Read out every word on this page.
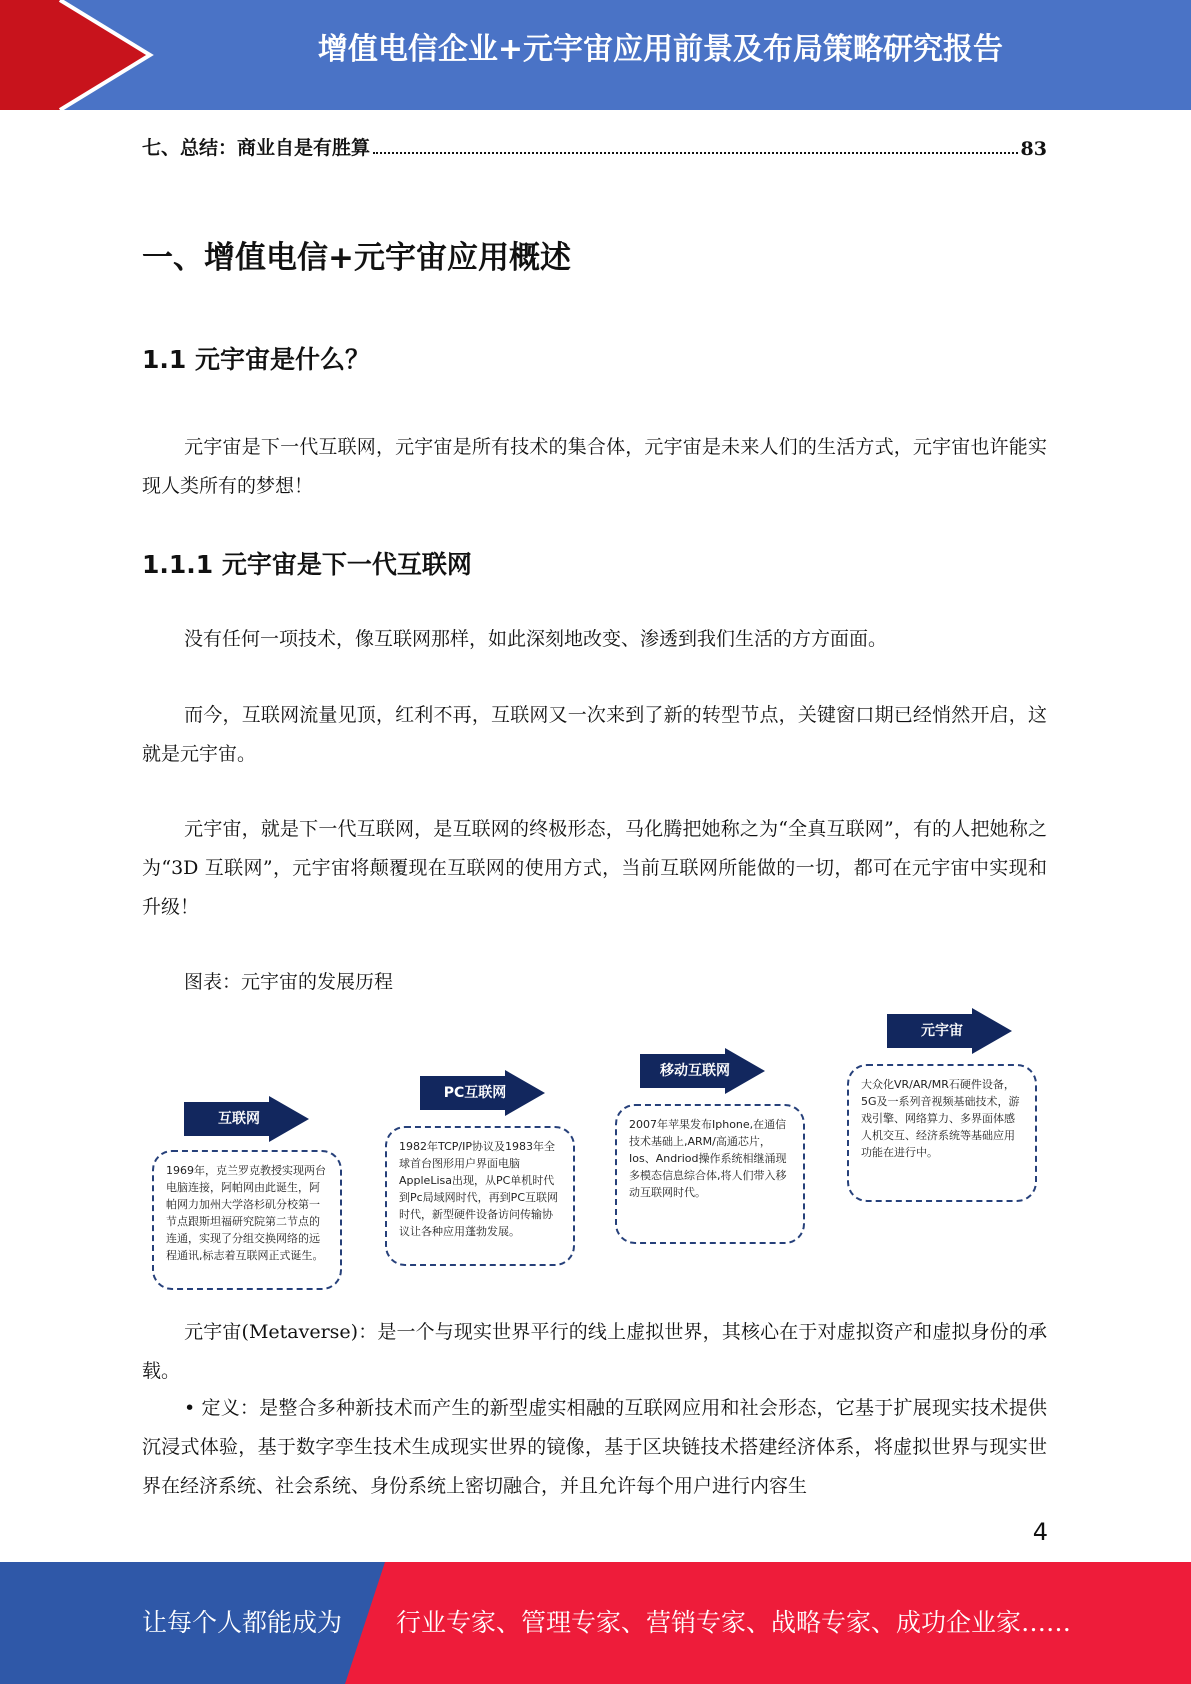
增值电信企业+元宇宙应用前景及布局策略研究报告
七、总结：商业自是有胜算	83
一、增值电信+元宇宙应用概述
1.1 元宇宙是什么？
元宇宙是下一代互联网，元宇宙是所有技术的集合体，元宇宙是未来人们的生活方式，元宇宙也许能实现人类所有的梦想！
1.1.1 元宇宙是下一代互联网
没有任何一项技术，像互联网那样，如此深刻地改变、渗透到我们生活的方方面面。
而今，互联网流量见顶，红利不再，互联网又一次来到了新的转型节点，关键窗口期已经悄然开启，这就是元宇宙。
元宇宙，就是下一代互联网，是互联网的终极形态，马化腾把她称之为“全真互联网”，有的人把她称之为“3D 互联网”，元宇宙将颠覆现在互联网的使用方式，当前互联网所能做的一切，都可在元宇宙中实现和升级！
图表：元宇宙的发展历程
互联网
1969年，克兰罗克教授实现两台电脑连接，阿帕网由此诞生，阿帕网力加州大学洛杉矶分校第一节点跟斯坦福研究院第二节点的连通，实现了分组交换网络的远程通讯,标志着互联网正式诞生。
PC互联网
1982年TCP/IP协议及1983年全球首台图形用户界面电脑AppleLisa出现，从PC单机时代到Pc局域网时代，再到PC互联网时代，新型硬件设备访问传输协议让各种应用蓬勃发展。
移动互联网
2007年苹果发布Iphone,在通信技术基础上,ARM/高通芯片，Ios、Andriod操作系统相继涌现多模态信息综合体,将人们带入移动互联网时代。
元宇宙
大众化VR/AR/MR石硬件设备，5G及一系列音视频基础技术，游戏引擎、网络算力、多界面体感人机交互、经济系统等基础应用功能在进行中。
元宇宙(Metaverse)：是一个与现实世界平行的线上虚拟世界，其核心在于对虚拟资产和虚拟身份的承载。
• 定义：是整合多种新技术而产生的新型虚实相融的互联网应用和社会形态，它基于扩展现实技术提供沉浸式体验，基于数字孪生技术生成现实世界的镜像，基于区块链技术搭建经济体系，将虚拟世界与现实世界在经济系统、社会系统、身份系统上密切融合，并且允许每个用户进行内容生
4
让每个人都能成为 行业专家、管理专家、营销专家、战略专家、成功企业家……
